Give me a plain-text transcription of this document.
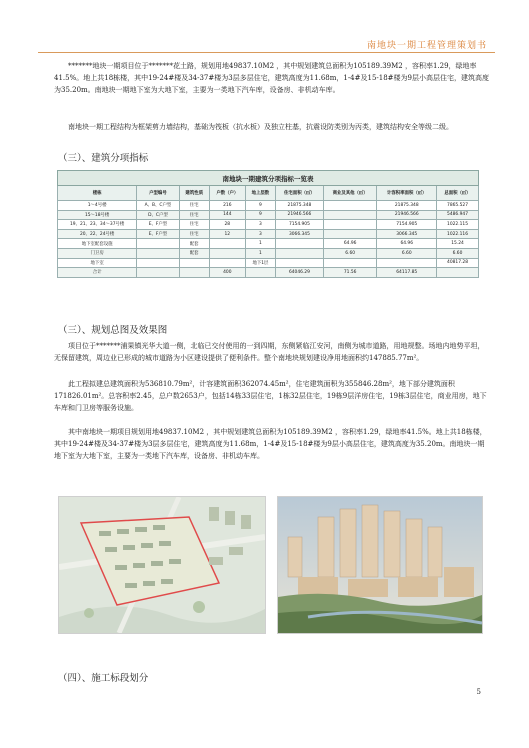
南地块一期工程管理策划书

*******地块一期项目位于*******花土路，规划用地49837.10M2 ，其中规划建筑总面积为105189.39M2 ，容积率1.29，绿地率41.5%。地上共18栋楼，其中19-24#楼及34-37#楼为3层多层住宅，建筑高度为11.68m，1-4#及15-18#楼为9层小高层住宅，建筑高度为35.20m。南地块一期地下室为大地下室，主要为一类地下汽车库，设备房、非机动车库。

南地块一期工程结构为框架剪力墙结构，基础为筏板（抗水板）及独立柱基，抗震设防类别为丙类，建筑结构安全等级二级。

（三）、建筑分项指标
南地块一期建筑分项指标一览表								
楼栋	户型编号	建筑性质	户数（户）	地上层数	住宅面积（㎡）	商业及其他（㎡）	计容积率面积（㎡）	总面积（㎡）
1～4号楼	A、B、C户型	住宅	216	9	21875.348		21875.348	7865.527
15～18号楼	D、C户型	住宅	144	9	21946.566		21946.566	5486.947
19、21、23、34～37号楼	E、F户型	住宅	28	3	7154.905		7154.905	1022.115
20、22、24号楼	E、F户型	住宅	12	3	3066.345		3066.345	1022.116
地下室配套设施		配套		1		64.96	64.96	15.24
门卫房		配套		1		6.60	6.60	6.60
地下室				地下1层				40817.28
合计			400		64046.29	71.56	64117.85	
（三）、规划总图及效果图

项目位于*******浦果镇光华大道一侧，北临已交付使用的一到四期，东侧紧临江安河，南侧为城市道路，用地规整。场地内地势平坦，无保留建筑，周边业已形成的城市道路为小区建设提供了便利条件。整个南地块规划建设净用地面积约147885.77m²。

此工程拟建总建筑面积为536810.79m²，计容建筑面积362074.45m²，住宅建筑面积为355846.28m²，地下部分建筑面积171826.01m²。总容积率2.45，总户数2653户，包括14栋33层住宅，1栋32层住宅，19栋9层洋房住宅，19栋3层住宅，商业用房，地下车库和门卫房等服务设施。

其中南地块一期项目规划用地49837.10M2 ，其中规划建筑总面积为105189.39M2 ，容积率1.29，绿地率41.5%。地上共18栋楼，其中19-24#楼及34-37#楼为3层多层住宅，建筑高度为11.68m，1-4#及15-18#楼为9层小高层住宅，建筑高度为35.20m。南地块一期地下室为大地下室，主要为一类地下汽车库，设备房、非机动车库。

（四）、施工标段划分
5
